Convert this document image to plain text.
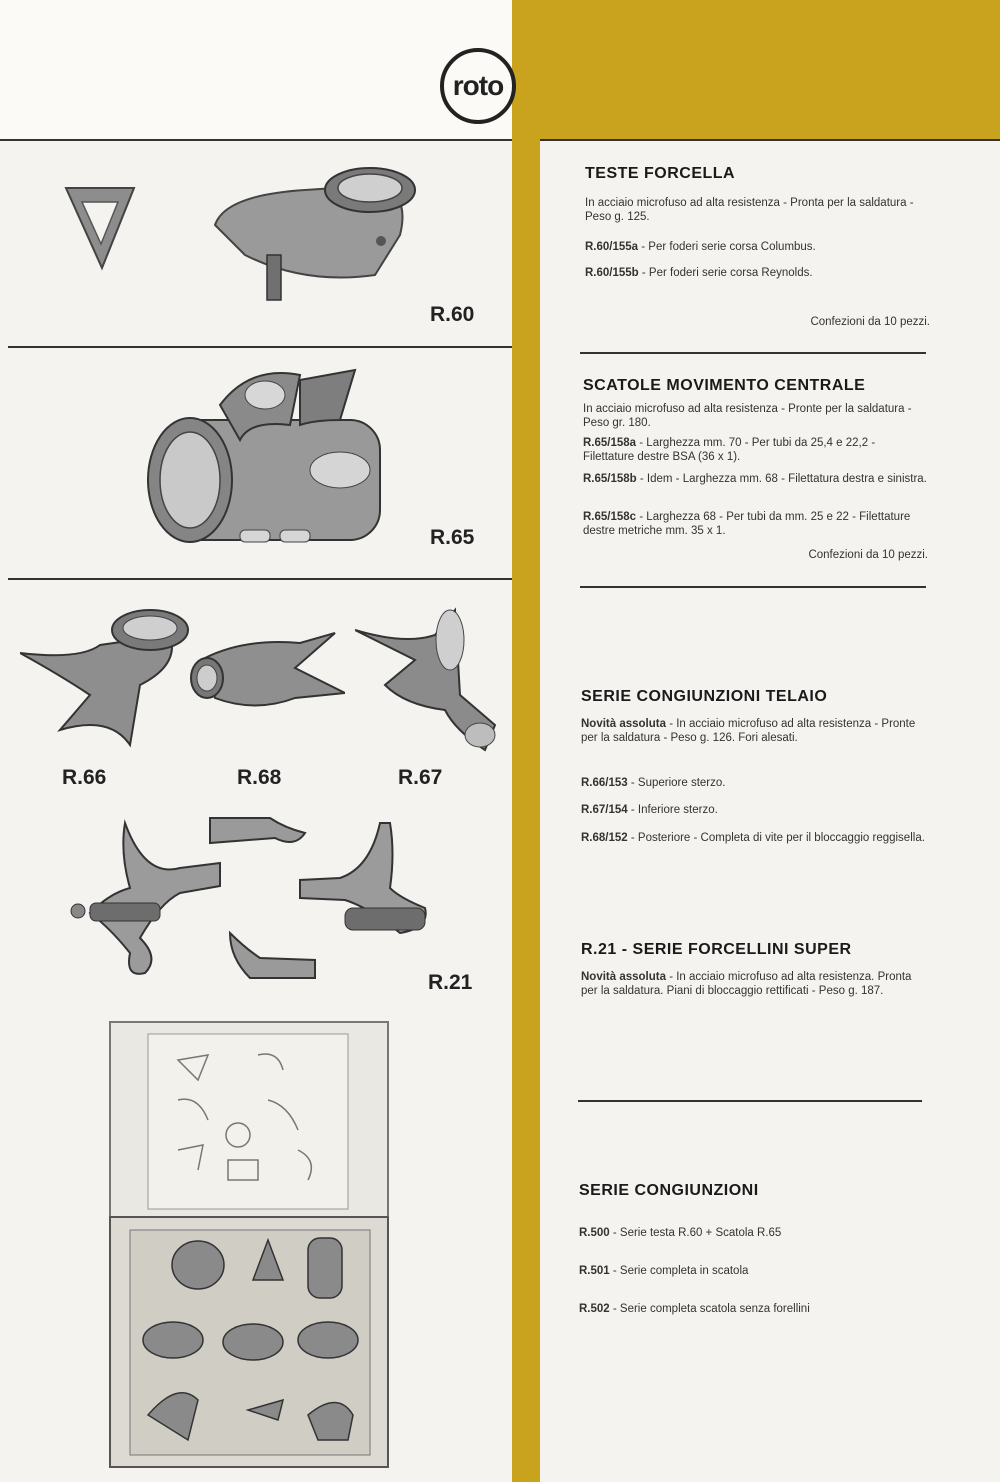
roto
R.60
R.65
R.66	R.68	R.67
R.21
TESTE FORCELLA
In acciaio microfuso ad alta resistenza - Pronta per la saldatura - Peso g. 125.
R.60/155a - Per foderi serie corsa Columbus.
R.60/155b - Per foderi serie corsa Reynolds.
Confezioni da 10 pezzi.
SCATOLE MOVIMENTO CENTRALE
In acciaio microfuso ad alta resistenza - Pronte per la saldatura - Peso gr. 180.
R.65/158a - Larghezza mm. 70 - Per tubi da 25,4 e 22,2 - Filettature destre BSA (36 x 1).
R.65/158b - Idem - Larghezza mm. 68 - Filettatura destra e sinistra.
R.65/158c - Larghezza 68 - Per tubi da mm. 25 e 22 - Filettature destre metriche mm. 35 x 1.
Confezioni da 10 pezzi.
SERIE CONGIUNZIONI TELAIO
Novità assoluta - In acciaio microfuso ad alta resistenza - Pronte per la saldatura - Peso g. 126. Fori alesati.
R.66/153 - Superiore sterzo.
R.67/154 - Inferiore sterzo.
R.68/152 - Posteriore - Completa di vite per il bloccaggio reggisella.
R.21 - SERIE FORCELLINI SUPER
Novità assoluta - In acciaio microfuso ad alta resistenza. Pronta per la saldatura. Piani di bloccaggio rettificati - Peso g. 187.
SERIE CONGIUNZIONI
R.500 - Serie testa R.60 + Scatola R.65
R.501 - Serie completa in scatola
R.502 - Serie completa scatola senza forellini
